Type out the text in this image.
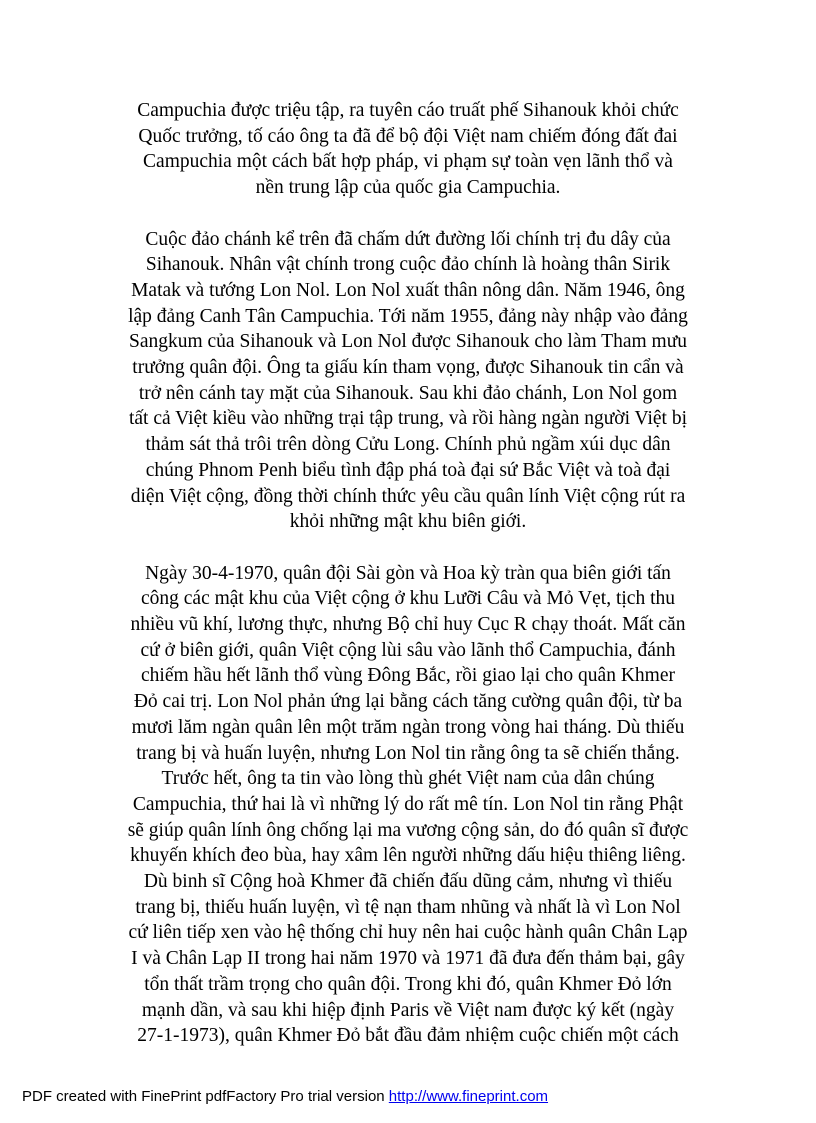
Campuchia được triệu tập, ra tuyên cáo truất phế Sihanouk khỏi chức
Quốc trưởng, tố cáo ông ta đã để bộ đội Việt nam chiếm đóng đất đai
Campuchia một cách bất hợp pháp, vi phạm sự toàn vẹn lãnh thổ và
nền trung lập của quốc gia Campuchia.
Cuộc đảo chánh kể trên đã chấm dứt đường lối chính trị đu dây của
Sihanouk. Nhân vật chính trong cuộc đảo chính là hoàng thân Sirik
Matak và tướng Lon Nol. Lon Nol xuất thân nông dân. Năm 1946, ông
lập đảng Canh Tân Campuchia. Tới năm 1955, đảng này nhập vào đảng
Sangkum của Sihanouk và Lon Nol được Sihanouk cho làm Tham mưu
trưởng quân đội. Ông ta giấu kín tham vọng, được Sihanouk tin cẩn và
trở nên cánh tay mặt của Sihanouk. Sau khi đảo chánh, Lon Nol gom
tất cả Việt kiều vào những trại tập trung, và rồi hàng ngàn người Việt bị
thảm sát thả trôi trên dòng Cửu Long. Chính phủ ngầm xúi dục dân
chúng Phnom Penh biểu tình đập phá toà đại sứ Bắc Việt và toà đại
diện Việt cộng, đồng thời chính thức yêu cầu quân lính Việt cộng rút ra
khỏi những mật khu biên giới.
Ngày 30-4-1970, quân đội Sài gòn và Hoa kỳ tràn qua biên giới tấn
công các mật khu của Việt cộng ở khu Lưỡi Câu và Mỏ Vẹt, tịch thu
nhiều vũ khí, lương thực, nhưng Bộ chỉ huy Cục R chạy thoát. Mất căn
cứ ở biên giới, quân Việt cộng lùi sâu vào lãnh thổ Campuchia, đánh
chiếm hầu hết lãnh thổ vùng Đông Bắc, rồi giao lại cho quân Khmer
Đỏ cai trị. Lon Nol phản ứng lại bằng cách tăng cường quân đội, từ ba
mươi lăm ngàn quân lên một trăm ngàn trong vòng hai tháng. Dù thiếu
trang bị và huấn luyện, nhưng Lon Nol tin rằng ông ta sẽ chiến thắng.
Trước hết, ông ta tin vào lòng thù ghét Việt nam của dân chúng
Campuchia, thứ hai là vì những lý do rất mê tín. Lon Nol tin rằng Phật
sẽ giúp quân lính ông chống lại ma vương cộng sản, do đó quân sĩ được
khuyến khích đeo bùa, hay xâm lên người những dấu hiệu thiêng liêng.
Dù binh sĩ Cộng hoà Khmer đã chiến đấu dũng cảm, nhưng vì thiếu
trang bị, thiếu huấn luyện, vì tệ nạn tham nhũng và nhất là vì Lon Nol
cứ liên tiếp xen vào hệ thống chỉ huy nên hai cuộc hành quân Chân Lạp
I và Chân Lạp II trong hai năm 1970 và 1971 đã đưa đến thảm bại, gây
tổn thất trầm trọng cho quân đội. Trong khi đó, quân Khmer Đỏ lớn
mạnh dần, và sau khi hiệp định Paris về Việt nam được ký kết (ngày
27-1-1973), quân Khmer Đỏ bắt đầu đảm nhiệm cuộc chiến một cách
PDF created with FinePrint pdfFactory Pro trial version http://www.fineprint.com
